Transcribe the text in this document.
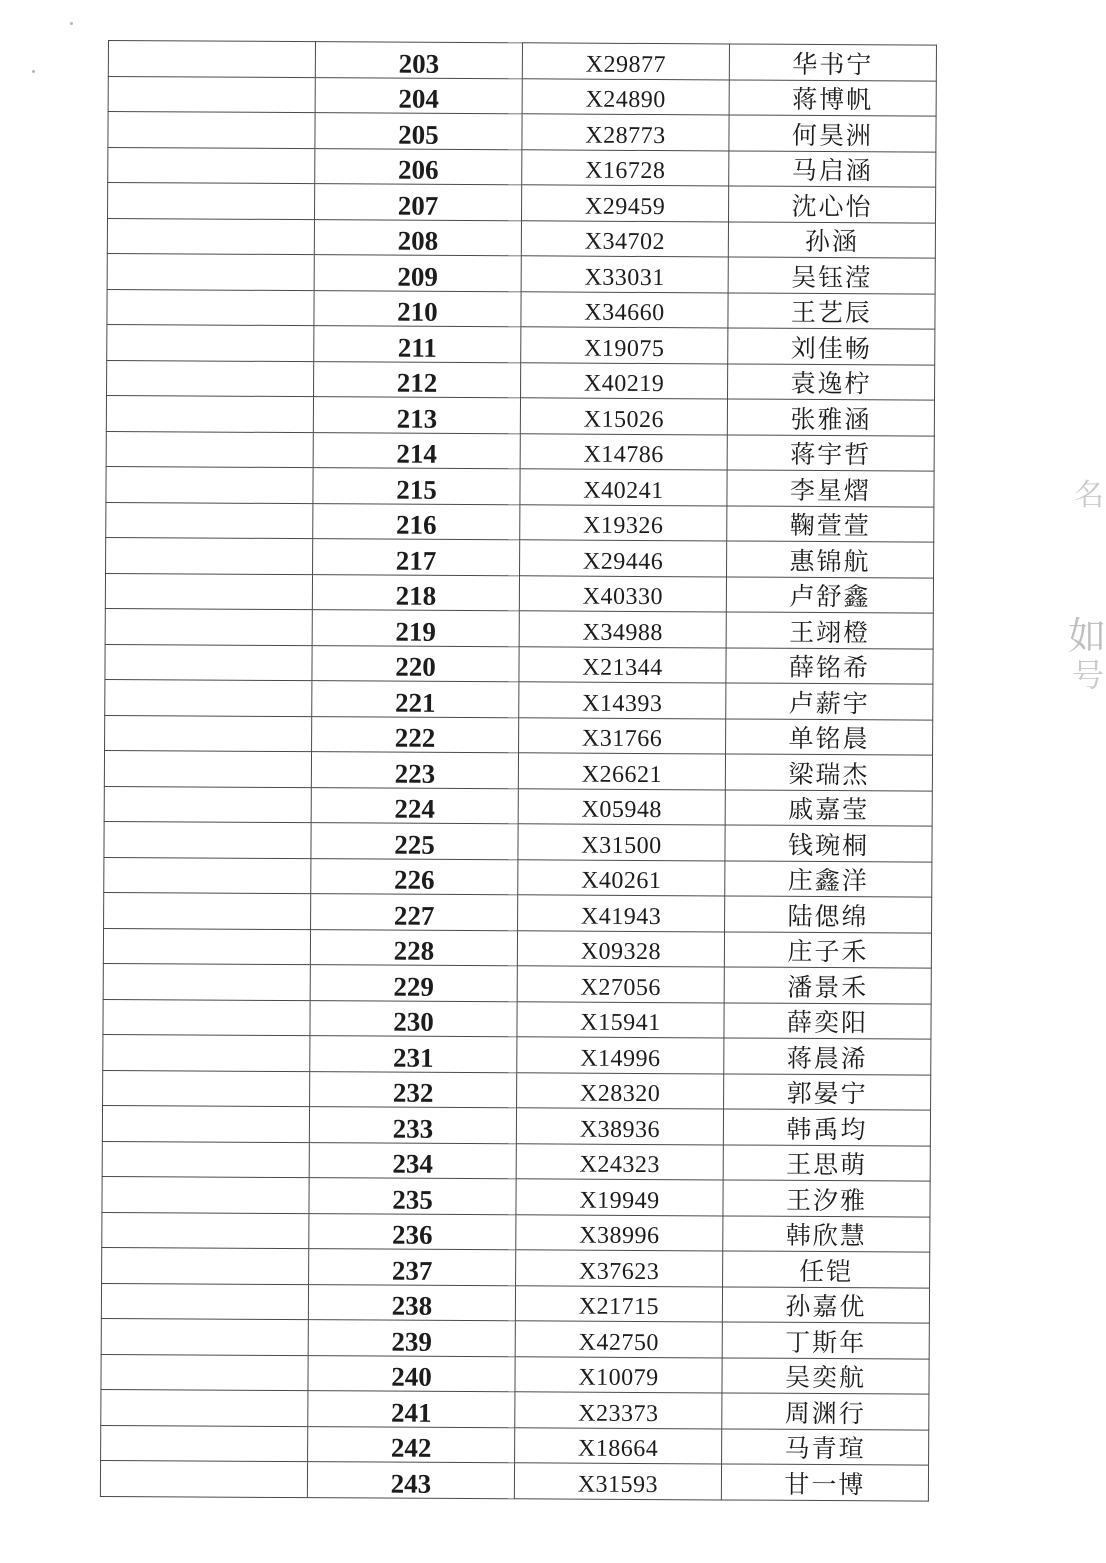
	203	X29877	华书宁
	204	X24890	蒋博帆
	205	X28773	何昊洲
	206	X16728	马启涵
	207	X29459	沈心怡
	208	X34702	孙涵
	209	X33031	吴钰滢
	210	X34660	王艺辰
	211	X19075	刘佳畅
	212	X40219	袁逸柠
	213	X15026	张雅涵
	214	X14786	蒋宇哲
	215	X40241	李星熠
	216	X19326	鞠萱萱
	217	X29446	惠锦航
	218	X40330	卢舒鑫
	219	X34988	王翊橙
	220	X21344	薛铭希
	221	X14393	卢薪宇
	222	X31766	单铭晨
	223	X26621	梁瑞杰
	224	X05948	戚嘉莹
	225	X31500	钱琬桐
	226	X40261	庄鑫洋
	227	X41943	陆偲绵
	228	X09328	庄子禾
	229	X27056	潘景禾
	230	X15941	薛奕阳
	231	X14996	蒋晨浠
	232	X28320	郭晏宁
	233	X38936	韩禹均
	234	X24323	王思萌
	235	X19949	王汐雅
	236	X38996	韩欣慧
	237	X37623	任铠
	238	X21715	孙嘉优
	239	X42750	丁斯年
	240	X10079	吴奕航
	241	X23373	周渊行
	242	X18664	马青瑄
	243	X31593	甘一博
名
如
号
